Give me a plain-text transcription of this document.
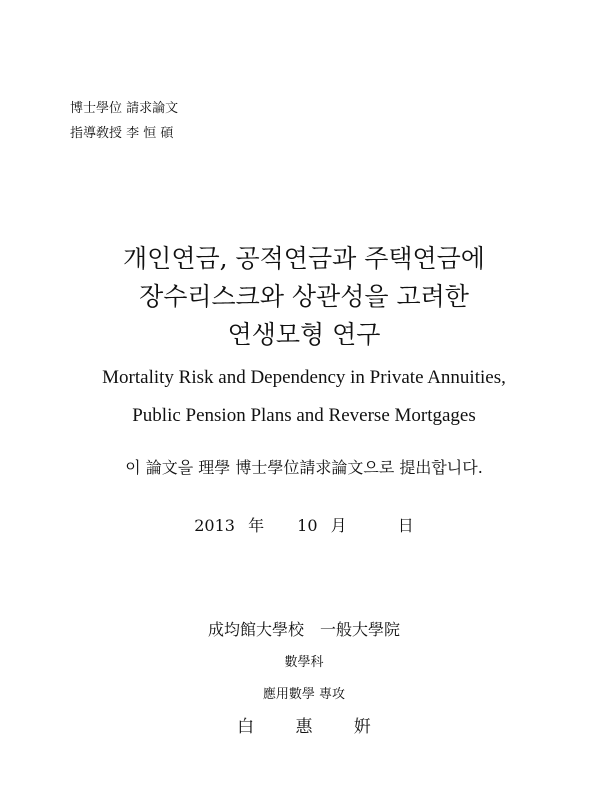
博士學位 請求論文
指導敎授 李 恒 碩
개인연금, 공적연금과 주택연금에
장수리스크와 상관성을 고려한
연생모형 연구
Mortality Risk and Dependency in Private Annuities,
Public Pension Plans and Reverse Mortgages
이 論文을 理學 博士學位請求論文으로 提出합니다.
2013 年 10 月	日
成均館大學校　一般大學院
數學科
應用數學 專攻
白 惠 姸
